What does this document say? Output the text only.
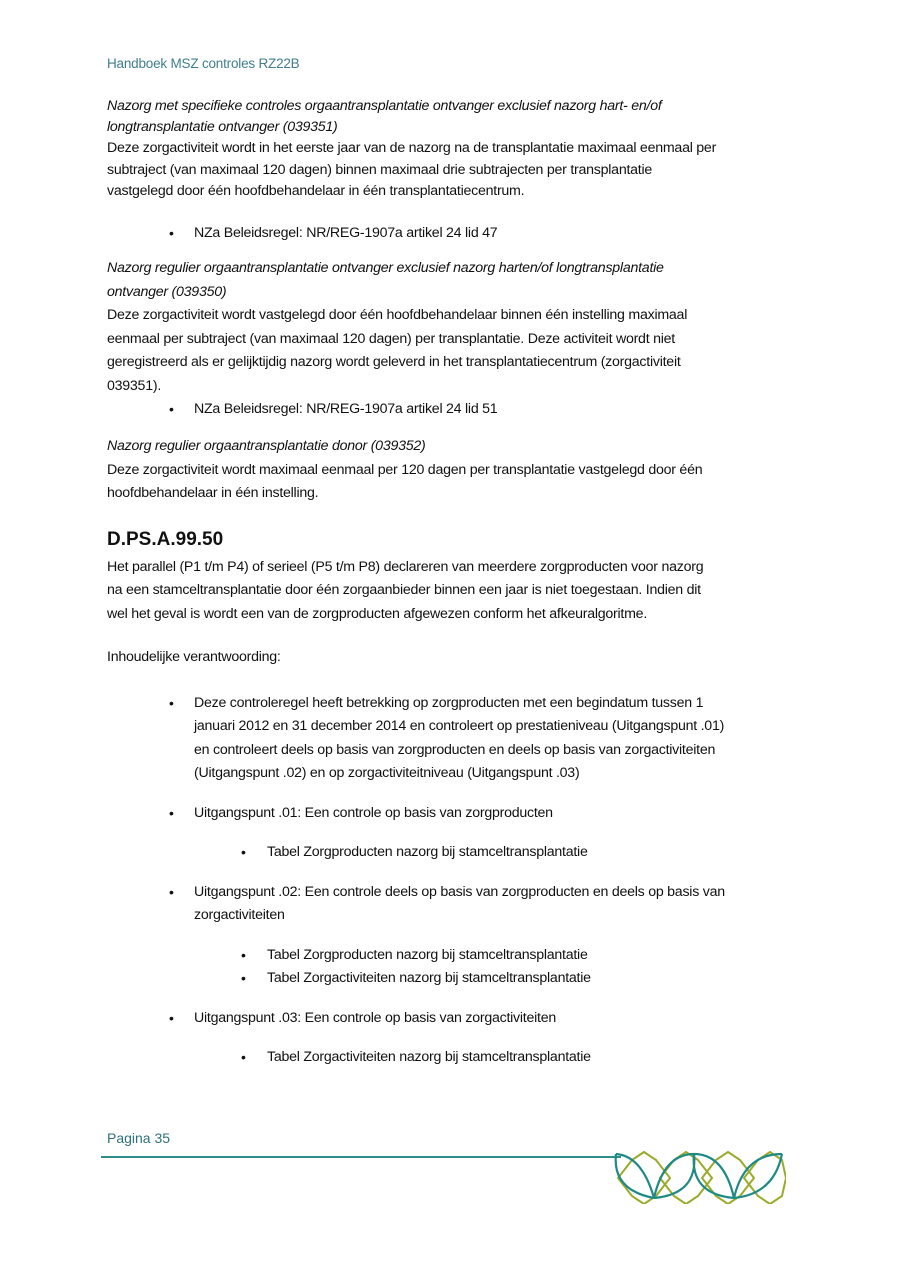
Handboek MSZ controles RZ22B

Nazorg met specifieke controles orgaantransplantatie ontvanger exclusief nazorg hart- en/of

longtransplantatie ontvanger (039351)

Deze zorgactiviteit wordt in het eerste jaar van de nazorg na de transplantatie maximaal eenmaal per

subtraject (van maximaal 120 dagen) binnen maximaal drie subtrajecten per transplantatie

vastgelegd door één hoofdbehandelaar in één transplantatiecentrum.

• NZa Beleidsregel: NR/REG-1907a artikel 24 lid 47

Nazorg regulier orgaantransplantatie ontvanger exclusief nazorg harten/of longtransplantatie

ontvanger (039350)

Deze zorgactiviteit wordt vastgelegd door één hoofdbehandelaar binnen één instelling maximaal

eenmaal per subtraject (van maximaal 120 dagen) per transplantatie. Deze activiteit wordt niet

geregistreerd als er gelijktijdig nazorg wordt geleverd in het transplantatiecentrum (zorgactiviteit

039351).

• NZa Beleidsregel: NR/REG-1907a artikel 24 lid 51

Nazorg regulier orgaantransplantatie donor (039352)

Deze zorgactiviteit wordt maximaal eenmaal per 120 dagen per transplantatie vastgelegd door één

hoofdbehandelaar in één instelling.

D.PS.A.99.50

Het parallel (P1 t/m P4) of serieel (P5 t/m P8) declareren van meerdere zorgproducten voor nazorg

na een stamceltransplantatie door één zorgaanbieder binnen een jaar is niet toegestaan. Indien dit

wel het geval is wordt een van de zorgproducten afgewezen conform het afkeuralgoritme.

Inhoudelijke verantwoording:

• Deze controleregel heeft betrekking op zorgproducten met een begindatum tussen 1

januari 2012 en 31 december 2014 en controleert op prestatieniveau (Uitgangspunt .01)

en controleert deels op basis van zorgproducten en deels op basis van zorgactiviteiten

(Uitgangspunt .02) en op zorgactiviteitniveau (Uitgangspunt .03)

• Uitgangspunt .01: Een controle op basis van zorgproducten

• Tabel Zorgproducten nazorg bij stamceltransplantatie

• Uitgangspunt .02: Een controle deels op basis van zorgproducten en deels op basis van

zorgactiviteiten

• Tabel Zorgproducten nazorg bij stamceltransplantatie

• Tabel Zorgactiviteiten nazorg bij stamceltransplantatie

• Uitgangspunt .03: Een controle op basis van zorgactiviteiten

• Tabel Zorgactiviteiten nazorg bij stamceltransplantatie

Pagina 35
